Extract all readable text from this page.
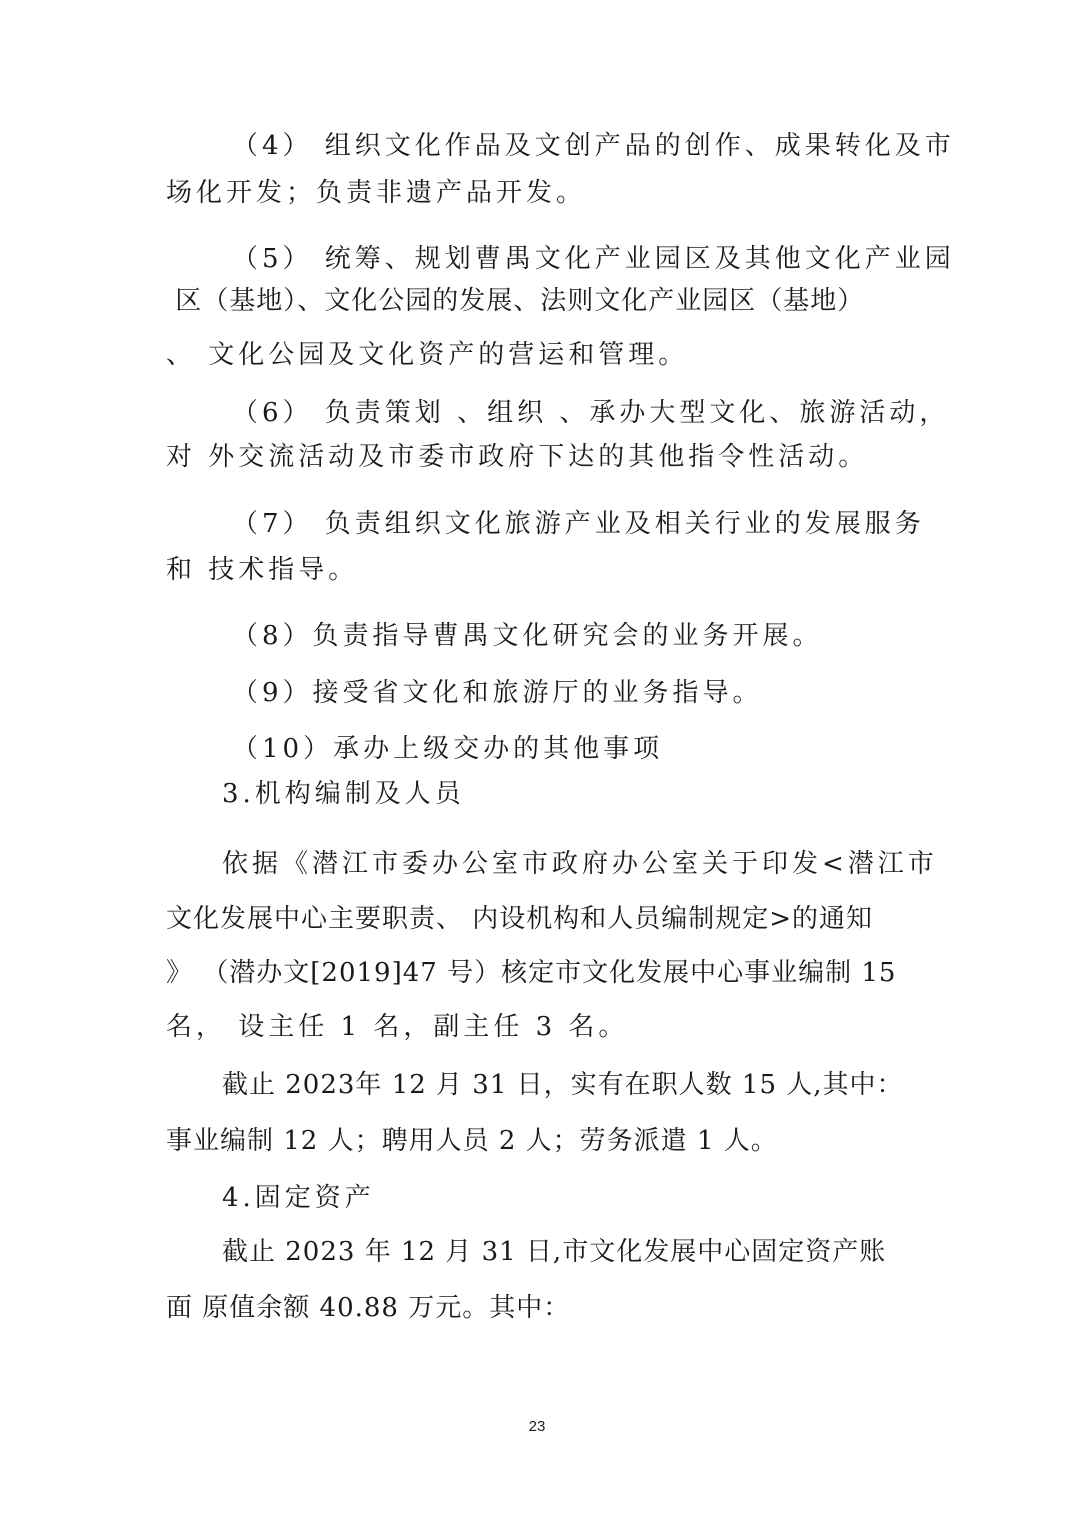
（4） 组织文化作品及文创产品的创作、成果转化及市
场化开发；负责非遗产品开发。
（5） 统筹、规划曹禺文化产业园区及其他文化产业园
区（基地）、文化公园的发展、法则文化产业园区（基地）
、 文化公园及文化资产的营运和管理。
（6） 负责策划 、组织 、承办大型文化、旅游活动，
对 外交流活动及市委市政府下达的其他指令性活动。
（7） 负责组织文化旅游产业及相关行业的发展服务
和 技术指导。
（8）负责指导曹禺文化研究会的业务开展。
（9）接受省文化和旅游厅的业务指导。
（10）承办上级交办的其他事项
3.机构编制及人员
依据《潜江市委办公室市政府办公室关于印发<潜江市
文化发展中心主要职责、 内设机构和人员编制规定>的通知
》 （潜办文[2019]47 号）核定市文化发展中心事业编制 15
名， 设主任 1 名，副主任 3 名。
截止 2023年 12 月 31 日，实有在职人数 15 人,其中：
事业编制 12 人；聘用人员 2 人；劳务派遣 1 人。
4.固定资产
截止 2023 年 12 月 31 日,市文化发展中心固定资产账
面 原值余额 40.88 万元。其中：
23
